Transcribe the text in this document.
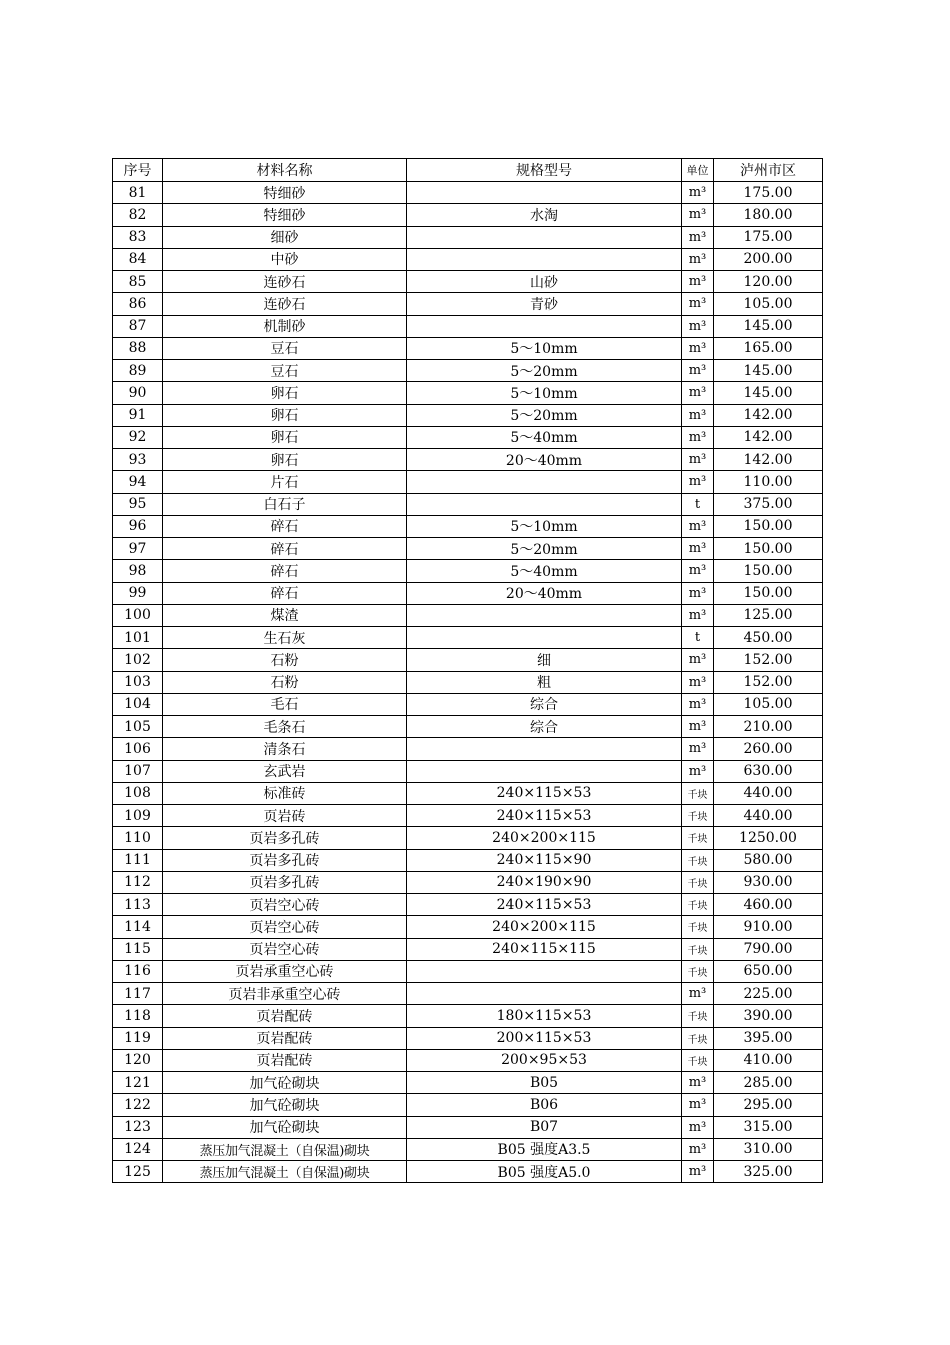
序号	材料名称	规格型号	单位	泸州市区
81	特细砂		m³	175.00
82	特细砂	水淘	m³	180.00
83	细砂		m³	175.00
84	中砂		m³	200.00
85	连砂石	山砂	m³	120.00
86	连砂石	青砂	m³	105.00
87	机制砂		m³	145.00
88	豆石	5～10mm	m³	165.00
89	豆石	5～20mm	m³	145.00
90	卵石	5～10mm	m³	145.00
91	卵石	5～20mm	m³	142.00
92	卵石	5～40mm	m³	142.00
93	卵石	20～40mm	m³	142.00
94	片石		m³	110.00
95	白石子		t	375.00
96	碎石	5～10mm	m³	150.00
97	碎石	5～20mm	m³	150.00
98	碎石	5～40mm	m³	150.00
99	碎石	20～40mm	m³	150.00
100	煤渣		m³	125.00
101	生石灰		t	450.00
102	石粉	细	m³	152.00
103	石粉	粗	m³	152.00
104	毛石	综合	m³	105.00
105	毛条石	综合	m³	210.00
106	清条石		m³	260.00
107	玄武岩		m³	630.00
108	标准砖	240×115×53	千块	440.00
109	页岩砖	240×115×53	千块	440.00
110	页岩多孔砖	240×200×115	千块	1250.00
111	页岩多孔砖	240×115×90	千块	580.00
112	页岩多孔砖	240×190×90	千块	930.00
113	页岩空心砖	240×115×53	千块	460.00
114	页岩空心砖	240×200×115	千块	910.00
115	页岩空心砖	240×115×115	千块	790.00
116	页岩承重空心砖		千块	650.00
117	页岩非承重空心砖		m³	225.00
118	页岩配砖	180×115×53	千块	390.00
119	页岩配砖	200×115×53	千块	395.00
120	页岩配砖	200×95×53	千块	410.00
121	加气砼砌块	B05	m³	285.00
122	加气砼砌块	B06	m³	295.00
123	加气砼砌块	B07	m³	315.00
124	蒸压加气混凝土（自保温)砌块	B05 强度A3.5	m³	310.00
125	蒸压加气混凝土（自保温)砌块	B05 强度A5.0	m³	325.00
